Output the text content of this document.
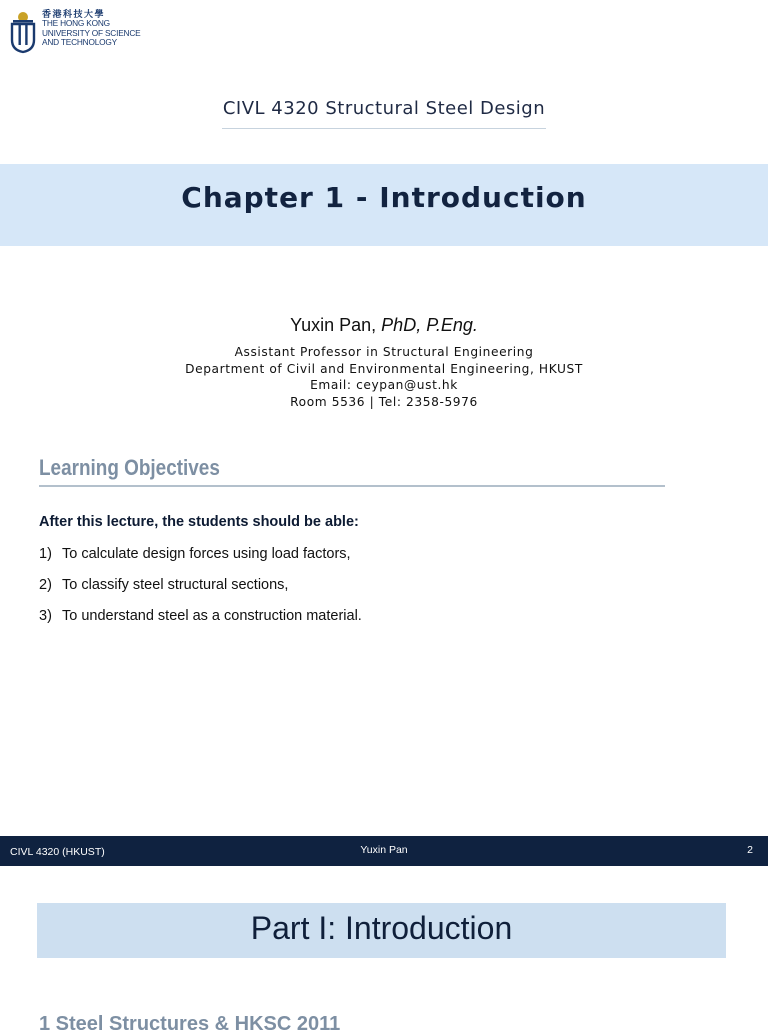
香港科技大學
THE HONG KONG
UNIVERSITY OF SCIENCE
AND TECHNOLOGY
CIVL 4320 Structural Steel Design
Chapter 1 - Introduction
Yuxin Pan, PhD, P.Eng.
Assistant Professor in Structural Engineering
Department of Civil and Environmental Engineering, HKUST
Email: ceypan@ust.hk
Room 5536 | Tel: 2358-5976
Learning Objectives
After this lecture, the students should be able:
1) To calculate design forces using load factors,
2) To classify steel structural sections,
3) To understand steel as a construction material.
CIVL 4320 (HKUST)	Yuxin Pan	2
Part I: Introduction
1 Steel Structures & HKSC 2011
